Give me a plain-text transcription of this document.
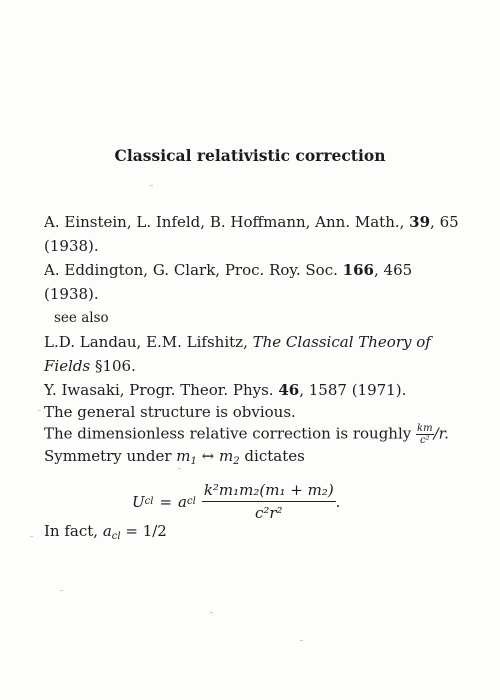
Classical relativistic correction
A. Einstein, L. Infeld, B. Hoffmann, Ann. Math., 39, 65
(1938).
A. Eddington, G. Clark, Proc. Roy. Soc. 166, 465
(1938).
see also
L.D. Landau, E.M. Lifshitz, The Classical Theory of
Fields §106.
Y. Iwasaki, Progr. Theor. Phys. 46, 1587 (1971).
The general structure is obvious.
The dimensionless relative correction is roughly $\frac{km}{\text{c²}} /r$.
Symmetry under $m_1$ ↔ $m_2$ dictates
U cl = a cl $\frac{\text{k²m₁m₂(m₁ + m₂)}}{\text{c²r²}}$ .
In fact, $a_{cl} = 1/2$
